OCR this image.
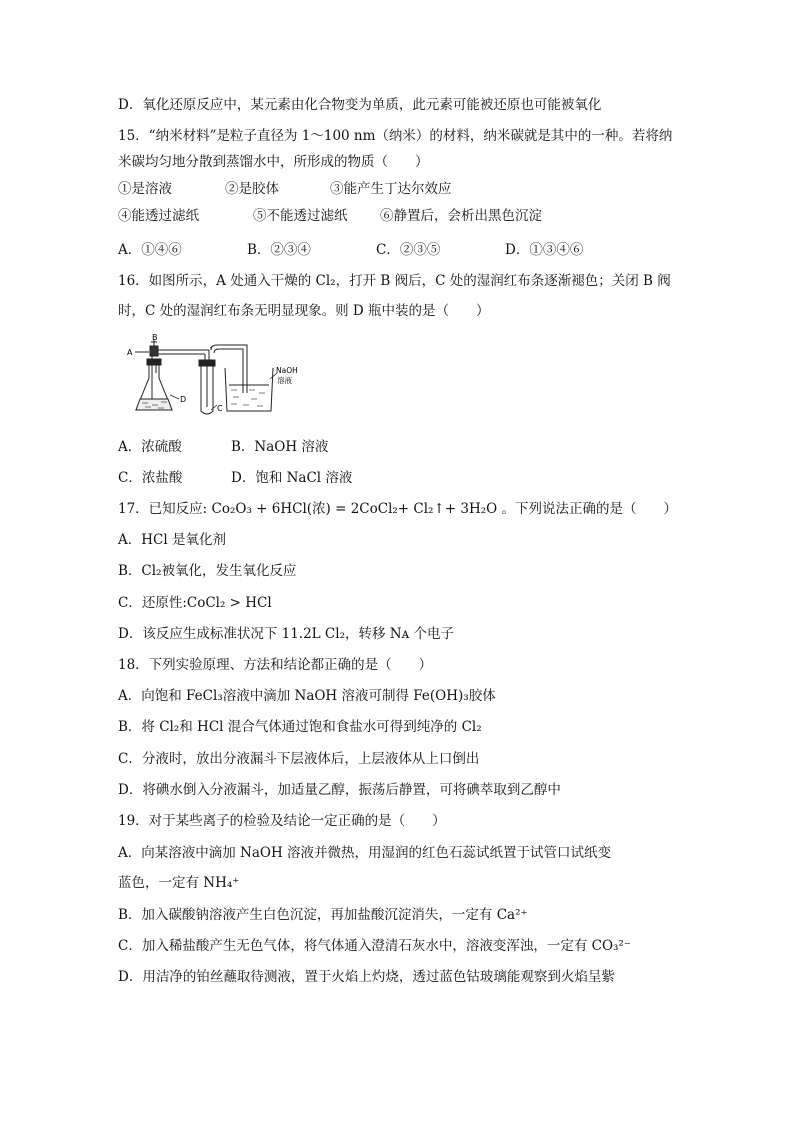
D．氧化还原反应中，某元素由化合物变为单质，此元素可能被还原也可能被氧化
15．“纳米材料”是粒子直径为 1～100 nm（纳米）的材料，纳米碳就是其中的一种。若将纳
米碳均匀地分散到蒸馏水中，所形成的物质（　　）
①是溶液	②是胶体	③能产生丁达尔效应
④能透过滤纸	⑤不能透过滤纸 ⑥静置后，会析出黑色沉淀
A．①④⑥	B．②③④	C．②③⑤	D．①③④⑥
16．如图所示，A 处通入干燥的 Cl₂，打开 B 阀后，C 处的湿润红布条逐渐褪色；关闭 B 阀
时，C 处的湿润红布条无明显现象。则 D 瓶中装的是（　　）
A
B
D
C
NaOH
溶液
A．浓硫酸	B．NaOH 溶液
C．浓盐酸	D．饱和 NaCl 溶液
17．已知反应: Co₂O₃ + 6HCl(浓) = 2CoCl₂+ Cl₂↑+ 3H₂O 。下列说法正确的是（　　）
A．HCl 是氧化剂
B．Cl₂被氧化，发生氧化反应
C．还原性:CoCl₂ > HCl
D．该反应生成标准状况下 11.2L Cl₂，转移 Nᴀ 个电子
18．下列实验原理、方法和结论都正确的是（　　）
A．向饱和 FeCl₃溶液中滴加 NaOH 溶液可制得 Fe(OH)₃胶体
B．将 Cl₂和 HCl 混合气体通过饱和食盐水可得到纯净的 Cl₂
C．分液时，放出分液漏斗下层液体后，上层液体从上口倒出
D．将碘水倒入分液漏斗，加适量乙醇，振荡后静置，可将碘萃取到乙醇中
19．对于某些离子的检验及结论一定正确的是（　　）
A．向某溶液中滴加 NaOH 溶液并微热，用湿润的红色石蕊试纸置于试管口试纸变
蓝色，一定有 NH₄⁺
B．加入碳酸钠溶液产生白色沉淀，再加盐酸沉淀消失，一定有 Ca²⁺
C．加入稀盐酸产生无色气体，将气体通入澄清石灰水中，溶液变浑浊，一定有 CO₃²⁻
D．用洁净的铂丝蘸取待测液，置于火焰上灼烧，透过蓝色钴玻璃能观察到火焰呈紫
